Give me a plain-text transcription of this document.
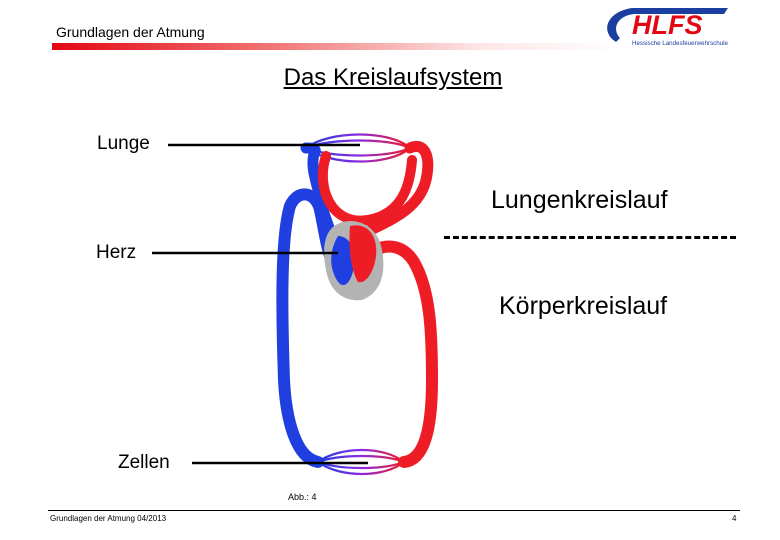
Grundlagen der Atmung	HLFS
Hessische Landesfeuerwehrschule
Das Kreislaufsystem
Lunge
Herz
Zellen
Lungenkreislauf
Körperkreislauf
Abb.: 4
Grundlagen der Atmung 04/2013	4
